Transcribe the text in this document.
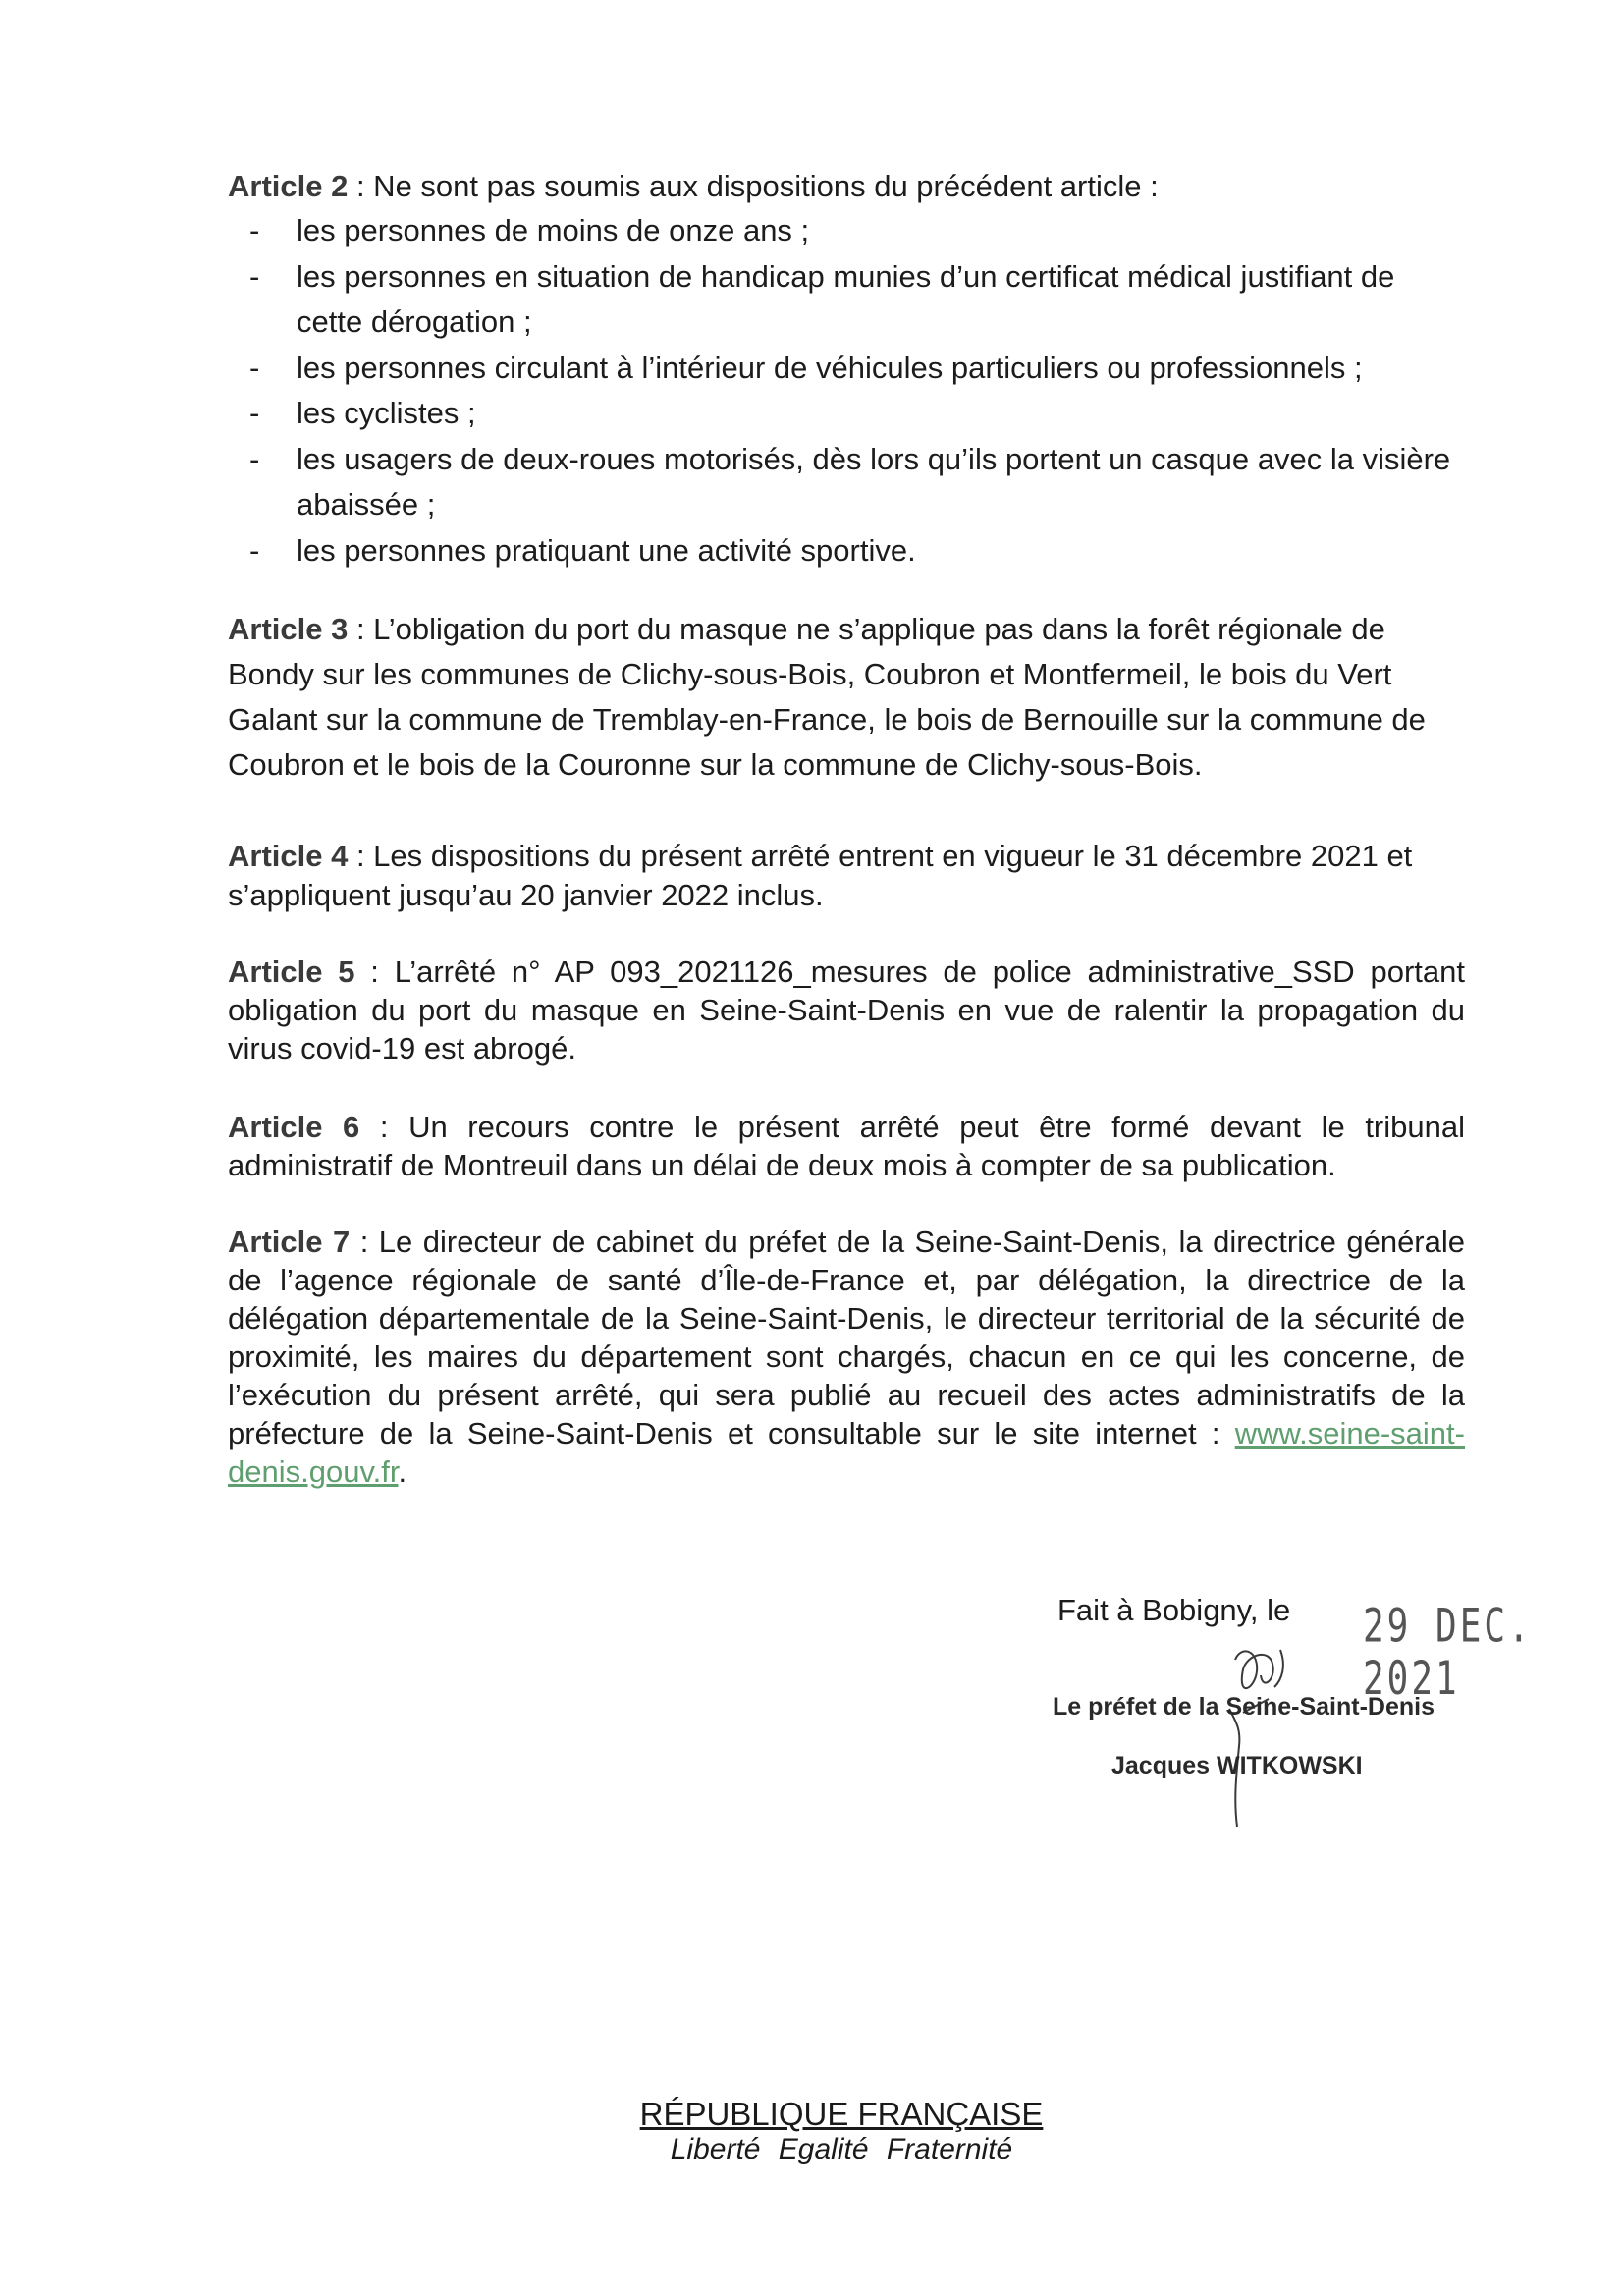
Article 2 : Ne sont pas soumis aux dispositions du précédent article :
- les personnes de moins de onze ans ;
- les personnes en situation de handicap munies d’un certificat médical justifiant de cette dérogation ;
- les personnes circulant à l’intérieur de véhicules particuliers ou professionnels ;
- les cyclistes ;
- les usagers de deux-roues motorisés, dès lors qu’ils portent un casque avec la visière abaissée ;
- les personnes pratiquant une activité sportive.
Article 3 : L’obligation du port du masque ne s’applique pas dans la forêt régionale de Bondy sur les communes de Clichy-sous-Bois, Coubron et Montfermeil, le bois du Vert Galant sur la commune de Tremblay-en-France, le bois de Bernouille sur la commune de Coubron et le bois de la Couronne sur la commune de Clichy-sous-Bois.
Article 4 : Les dispositions du présent arrêté entrent en vigueur le 31 décembre 2021 et s’appliquent jusqu’au 20 janvier 2022 inclus.
Article 5 : L’arrêté n° AP 093_2021126_mesures de police administrative_SSD portant obligation du port du masque en Seine-Saint-Denis en vue de ralentir la propagation du virus covid-19 est abrogé.
Article 6 : Un recours contre le présent arrêté peut être formé devant le tribunal administratif de Montreuil dans un délai de deux mois à compter de sa publication.
Article 7 : Le directeur de cabinet du préfet de la Seine-Saint-Denis, la directrice générale de l’agence régionale de santé d’Île-de-France et, par délégation, la directrice de la délégation départementale de la Seine-Saint-Denis, le directeur territorial de la sécurité de proximité, les maires du département sont chargés, chacun en ce qui les concerne, de l’exécution du présent arrêté, qui sera publié au recueil des actes administratifs de la préfecture de la Seine-Saint-Denis et consultable sur le site internet : www.seine-saint-denis.gouv.fr.
Fait à Bobigny, le 29 DEC. 2021
Le préfet de la Seine-Saint-Denis
Jacques WITKOWSKI
RÉPUBLIQUE FRANÇAISE
Liberté Egalité Fraternité
